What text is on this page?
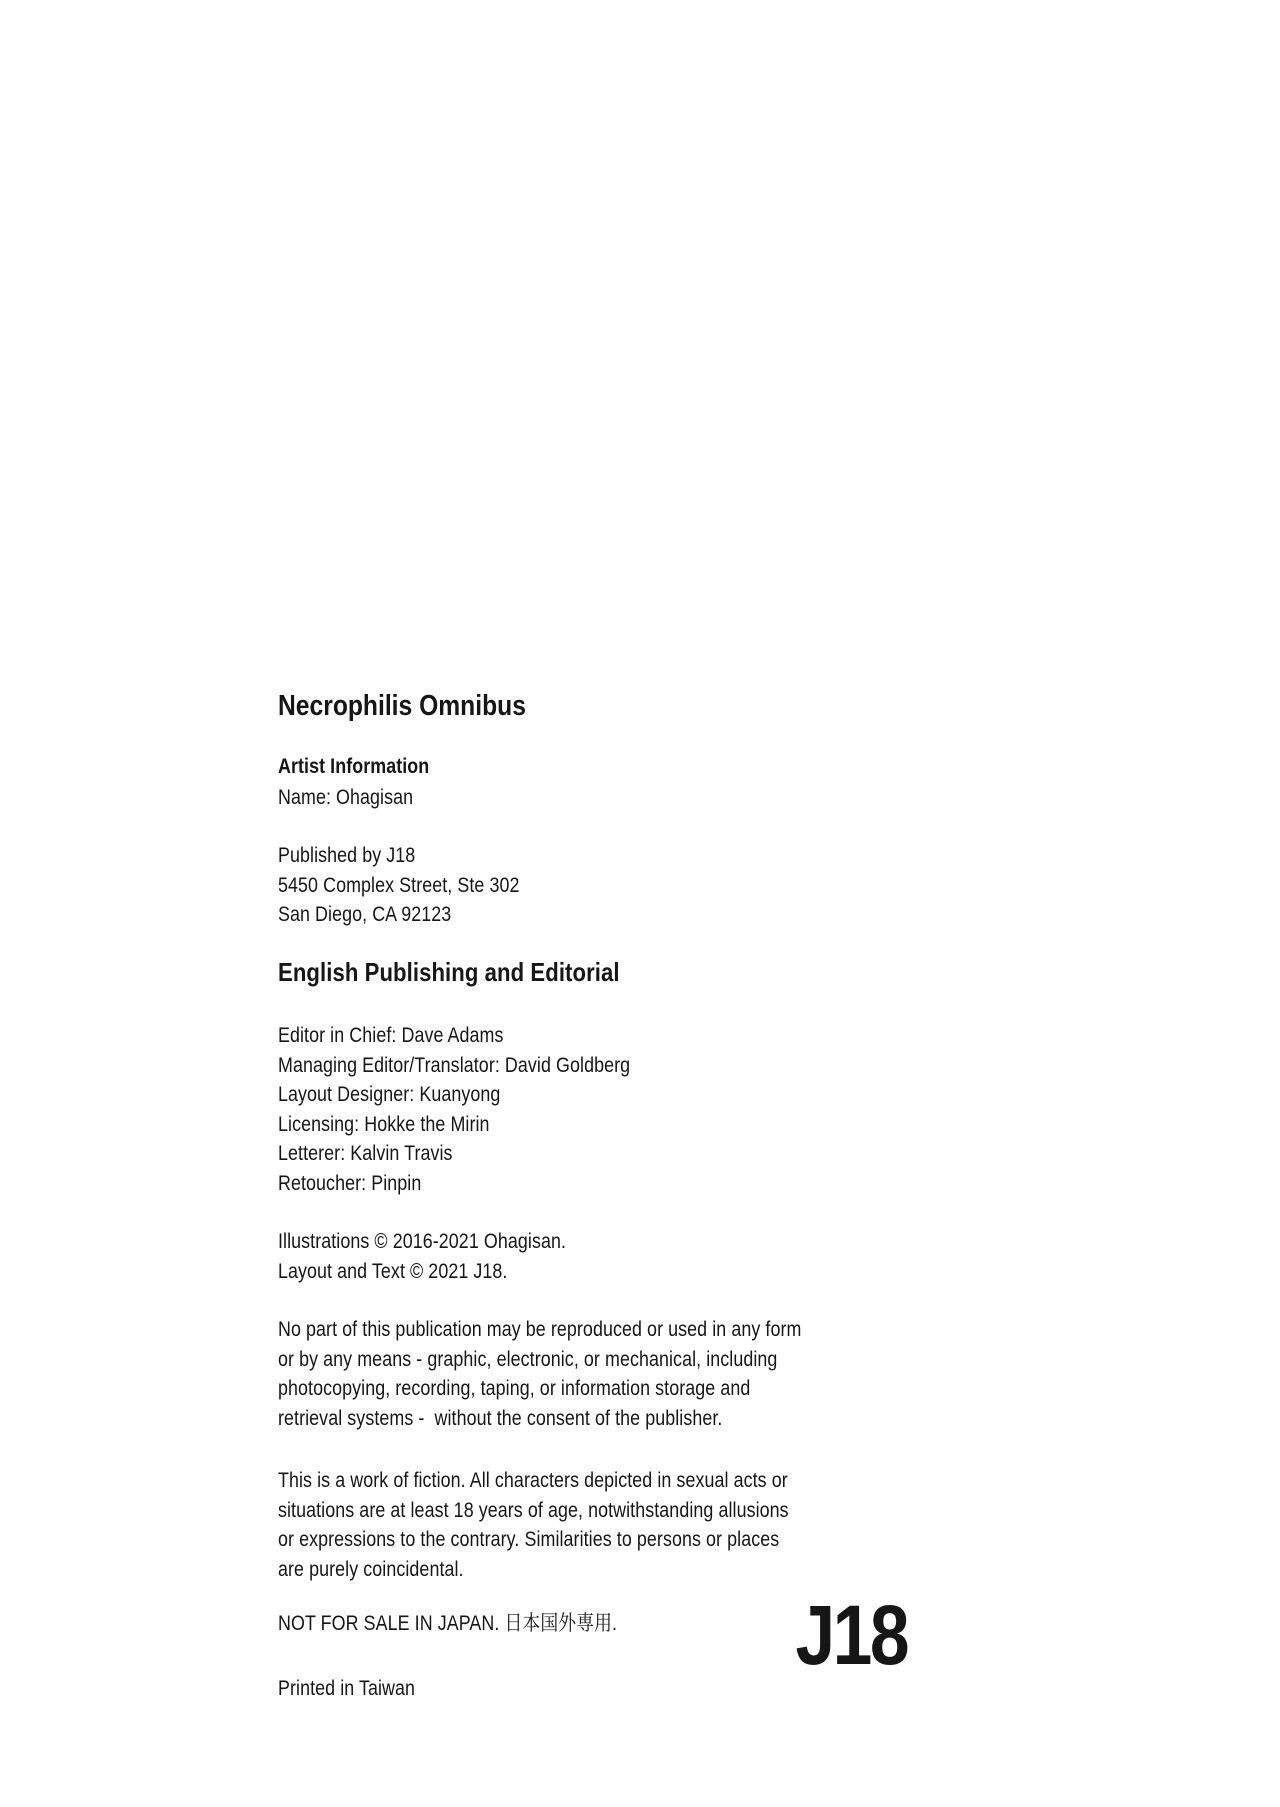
Necrophilis Omnibus
Artist Information
Name: Ohagisan
Published by J18
5450 Complex Street, Ste 302
San Diego, CA 92123
English Publishing and Editorial
Editor in Chief: Dave Adams
Managing Editor/Translator: David Goldberg
Layout Designer: Kuanyong
Licensing: Hokke the Mirin
Letterer: Kalvin Travis
Retoucher: Pinpin
Illustrations © 2016-2021 Ohagisan.
Layout and Text © 2021 J18.
No part of this publication may be reproduced or used in any form
or by any means - graphic, electronic, or mechanical, including
photocopying, recording, taping, or information storage and
retrieval systems -  without the consent of the publisher.
This is a work of fiction. All characters depicted in sexual acts or
situations are at least 18 years of age, notwithstanding allusions
or expressions to the contrary. Similarities to persons or places
are purely coincidental.
NOT FOR SALE IN JAPAN. 日本国外専用.	J18
Printed in Taiwan
